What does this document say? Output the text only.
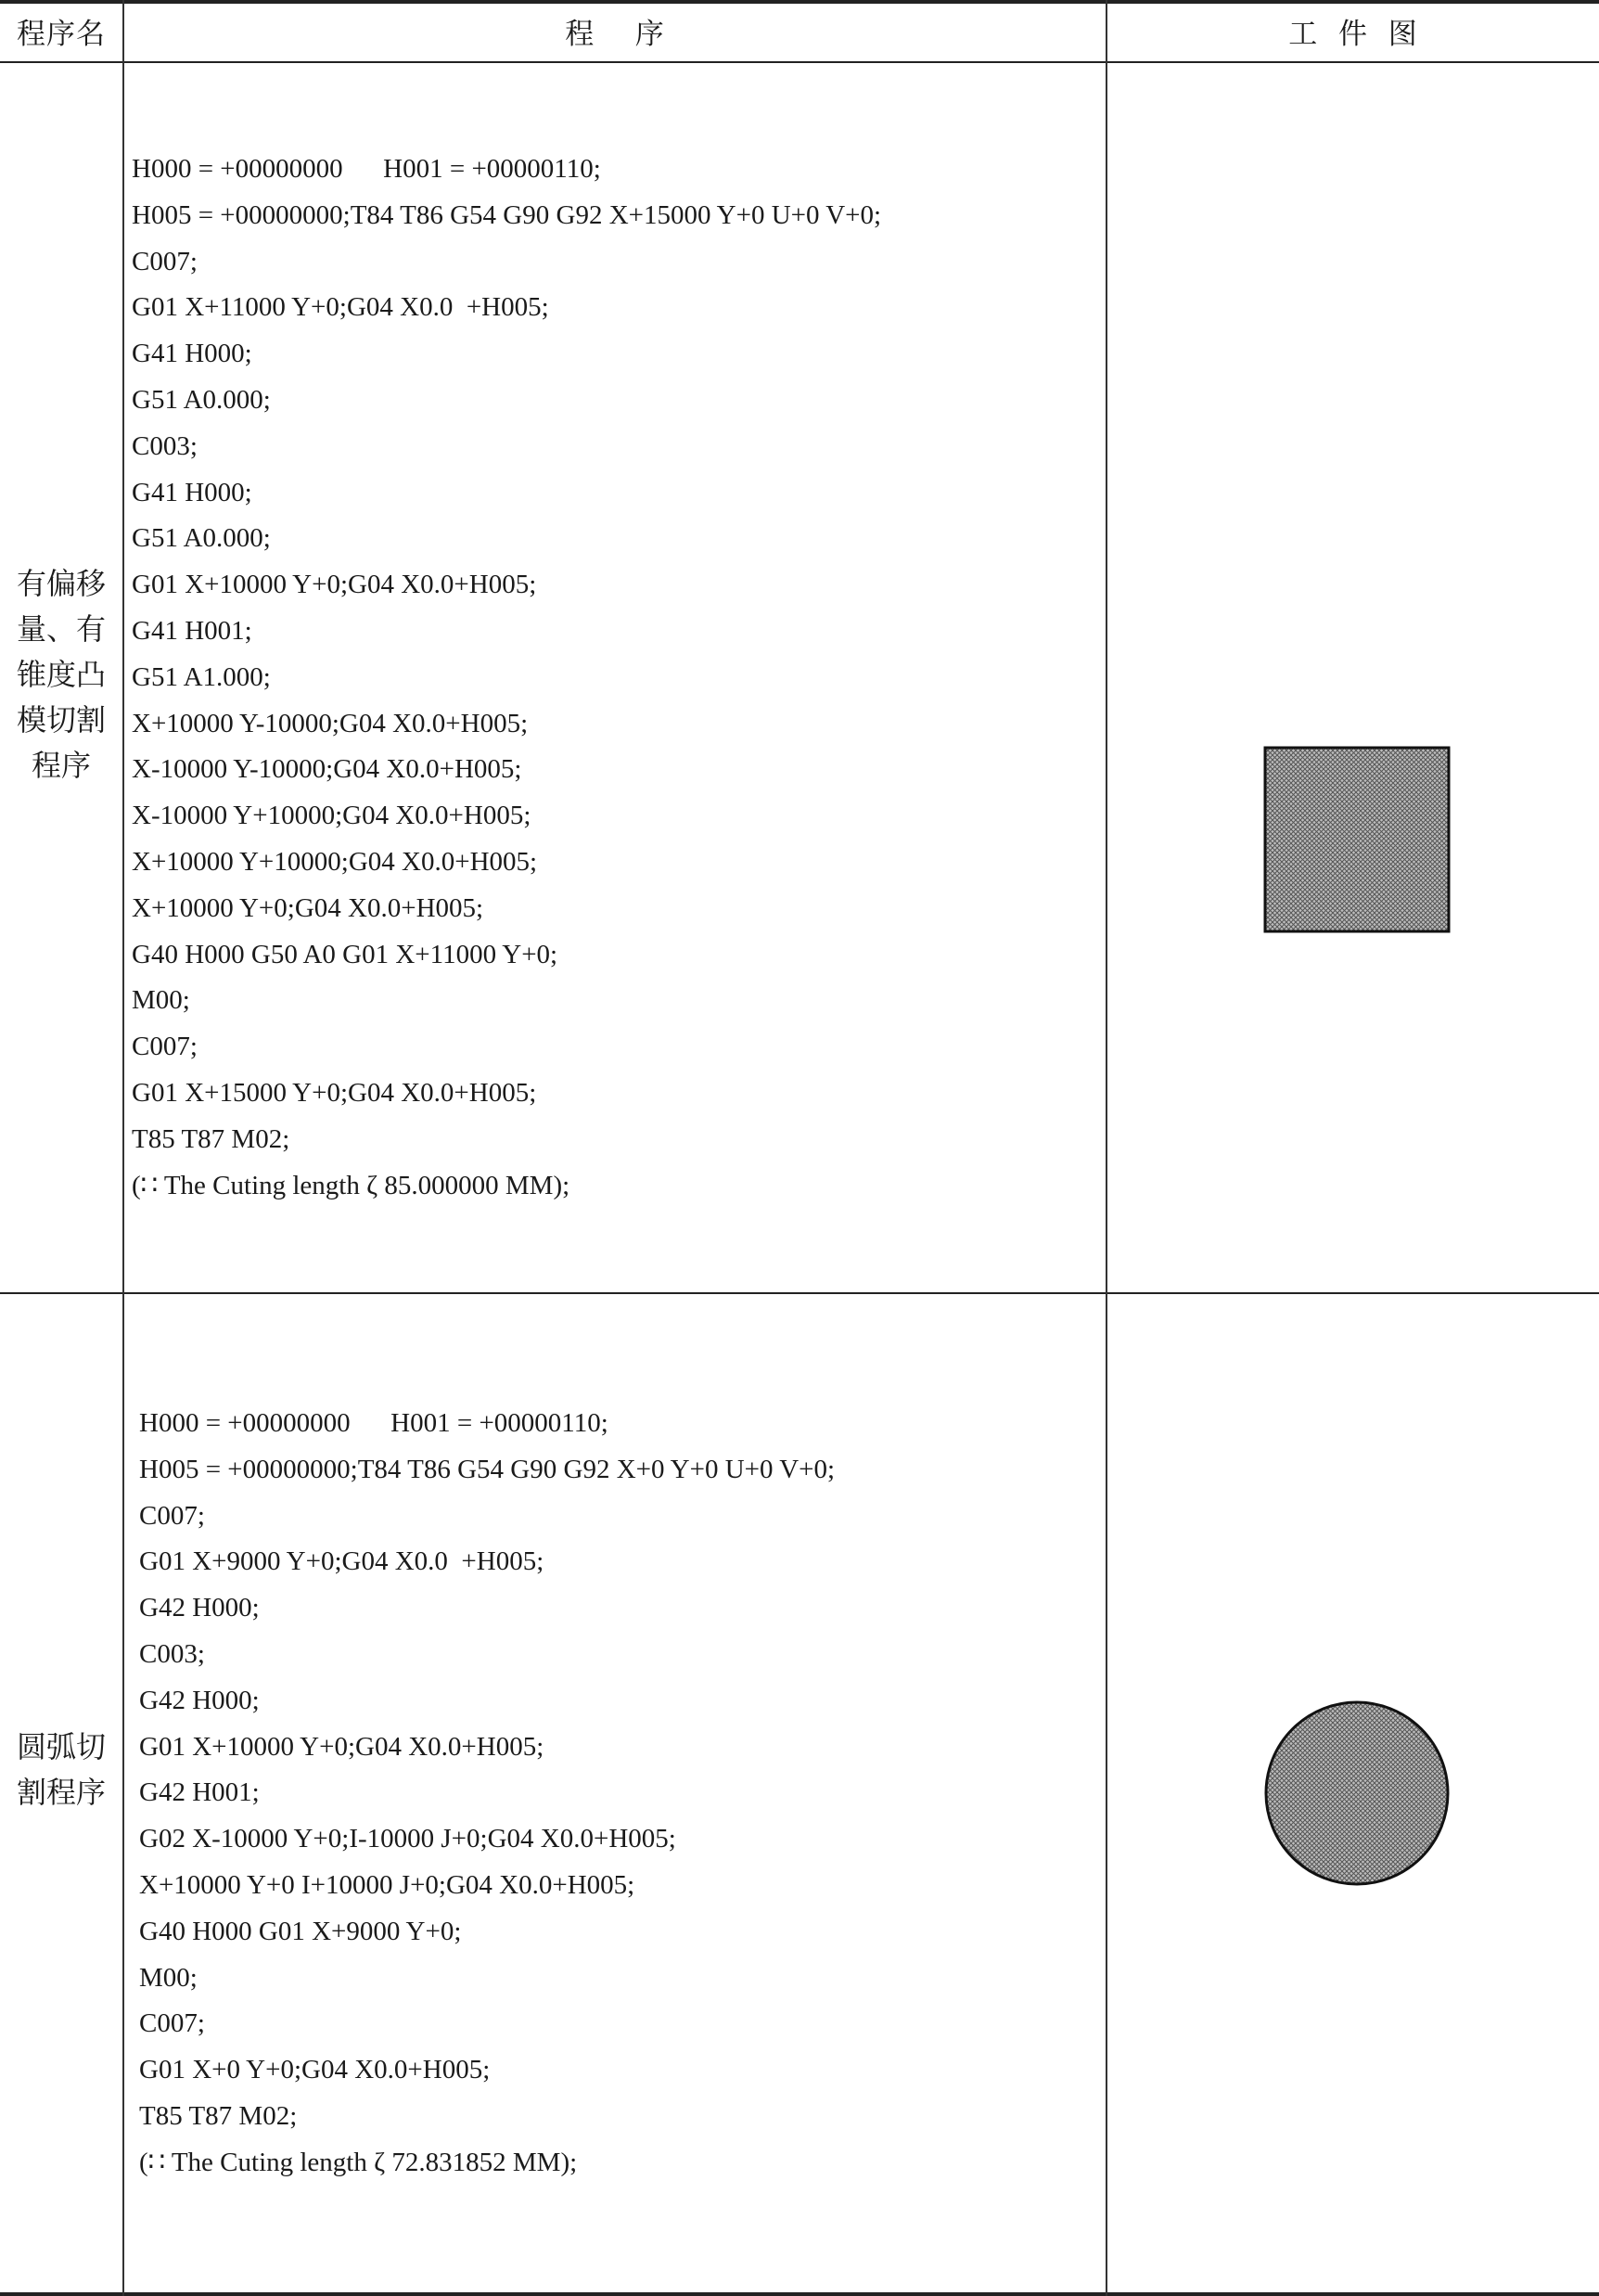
程序名	程    序	工  件  图
有偏移量、有锥度凸模切割程序
H000 = +00000000      H001 = +00000110;
H005 = +00000000;T84 T86 G54 G90 G92 X+15000 Y+0 U+0 V+0;
C007;
G01 X+11000 Y+0;G04 X0.0  +H005;
G41 H000;
G51 A0.000;
C003;
G41 H000;
G51 A0.000;
G01 X+10000 Y+0;G04 X0.0+H005;
G41 H001;
G51 A1.000;
X+10000 Y-10000;G04 X0.0+H005;
X-10000 Y-10000;G04 X0.0+H005;
X-10000 Y+10000;G04 X0.0+H005;
X+10000 Y+10000;G04 X0.0+H005;
X+10000 Y+0;G04 X0.0+H005;
G40 H000 G50 A0 G01 X+11000 Y+0;
M00;
C007;
G01 X+15000 Y+0;G04 X0.0+H005;
T85 T87 M02;
(∷ The Cuting length ζ 85.000000 MM);
圆弧切割程序
H000 = +00000000      H001 = +00000110;
H005 = +00000000;T84 T86 G54 G90 G92 X+0 Y+0 U+0 V+0;
C007;
G01 X+9000 Y+0;G04 X0.0  +H005;
G42 H000;
C003;
G42 H000;
G01 X+10000 Y+0;G04 X0.0+H005;
G42 H001;
G02 X-10000 Y+0;I-10000 J+0;G04 X0.0+H005;
X+10000 Y+0 I+10000 J+0;G04 X0.0+H005;
G40 H000 G01 X+9000 Y+0;
M00;
C007;
G01 X+0 Y+0;G04 X0.0+H005;
T85 T87 M02;
(∷ The Cuting length ζ 72.831852 MM);
